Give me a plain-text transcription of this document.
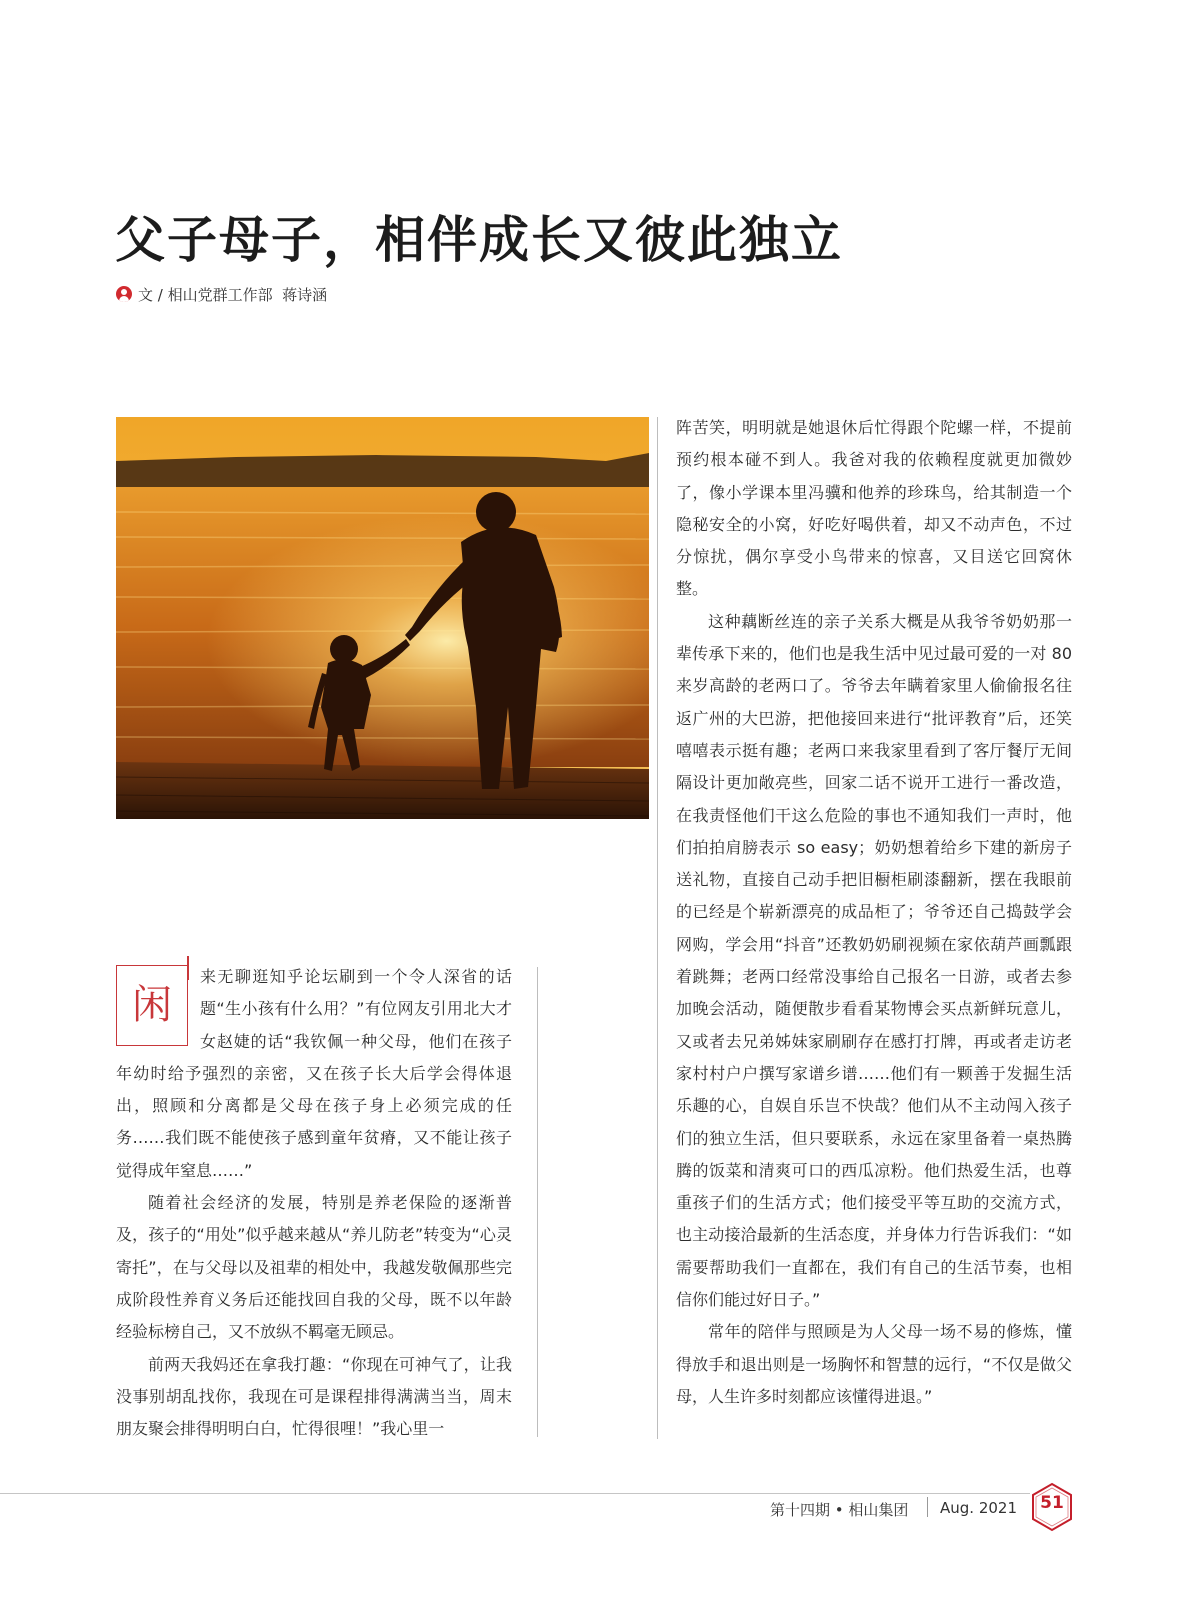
父子母子，相伴成长又彼此独立
文 / 相山党群工作部  蒋诗涵
闲

来无聊逛知乎论坛刷到一个令人深省的话题“生小孩有什么用？”有位网友引用北大才女赵婕的话“我钦佩一种父母，他们在孩子年幼时给予强烈的亲密，又在孩子长大后学会得体退出，照顾和分离都是父母在孩子身上必须完成的任务……我们既不能使孩子感到童年贫瘠，又不能让孩子觉得成年窒息……”

随着社会经济的发展，特别是养老保险的逐渐普及，孩子的“用处”似乎越来越从“养儿防老”转变为“心灵寄托”，在与父母以及祖辈的相处中，我越发敬佩那些完成阶段性养育义务后还能找回自我的父母，既不以年龄经验标榜自己，又不放纵不羁毫无顾忌。

前两天我妈还在拿我打趣：“你现在可神气了，让我没事别胡乱找你，我现在可是课程排得满满当当，周末朋友聚会排得明明白白，忙得很哩！”我心里一

阵苦笑，明明就是她退休后忙得跟个陀螺一样，不提前预约根本碰不到人。我爸对我的依赖程度就更加微妙了，像小学课本里冯骥和他养的珍珠鸟，给其制造一个隐秘安全的小窝，好吃好喝供着，却又不动声色，不过分惊扰，偶尔享受小鸟带来的惊喜，又目送它回窝休整。

这种藕断丝连的亲子关系大概是从我爷爷奶奶那一辈传承下来的，他们也是我生活中见过最可爱的一对 80 来岁高龄的老两口了。爷爷去年瞒着家里人偷偷报名往返广州的大巴游，把他接回来进行“批评教育”后，还笑嘻嘻表示挺有趣；老两口来我家里看到了客厅餐厅无间隔设计更加敞亮些，回家二话不说开工进行一番改造，在我责怪他们干这么危险的事也不通知我们一声时，他们拍拍肩膀表示 so easy；奶奶想着给乡下建的新房子送礼物，直接自己动手把旧橱柜刷漆翻新，摆在我眼前的已经是个崭新漂亮的成品柜了；爷爷还自己捣鼓学会网购，学会用“抖音”还教奶奶刷视频在家依葫芦画瓢跟着跳舞；老两口经常没事给自己报名一日游，或者去参加晚会活动，随便散步看看某物博会买点新鲜玩意儿，又或者去兄弟姊妹家刷刷存在感打打牌，再或者走访老家村村户户撰写家谱乡谱……他们有一颗善于发掘生活乐趣的心，自娱自乐岂不快哉？他们从不主动闯入孩子们的独立生活，但只要联系，永远在家里备着一桌热腾腾的饭菜和清爽可口的西瓜凉粉。他们热爱生活，也尊重孩子们的生活方式；他们接受平等互助的交流方式，也主动接洽最新的生活态度，并身体力行告诉我们：“如需要帮助我们一直都在，我们有自己的生活节奏，也相信你们能过好日子。”

常年的陪伴与照顾是为人父母一场不易的修炼，懂得放手和退出则是一场胸怀和智慧的远行，“不仅是做父母，人生许多时刻都应该懂得进退。”

第十四期 • 相山集团 Aug. 2021	51
